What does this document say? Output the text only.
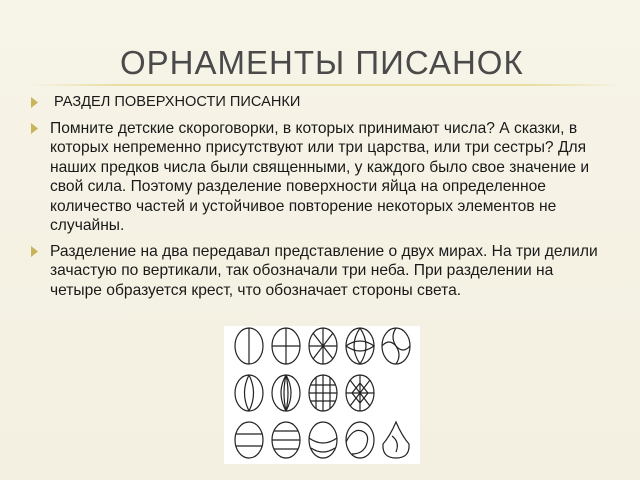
ОРНАМЕНТЫ ПИСАНОК
РАЗДЕЛ ПОВЕРХНОСТИ ПИСАНКИ
Помните детские скороговорки, в которых принимают числа? А сказки, в которых непременно присутствуют или три царства, или три сестры? Для наших предков числа были священными, у каждого было свое значение и свой сила. Поэтому разделение поверхности яйца на определенное количество частей и устойчивое повторение некоторых элементов не случайны.
Разделение на два передавал представление о двух мирах. На три делили зачастую по вертикали, так обозначали три неба. При разделении на четыре образуется крест, что обозначает стороны света.
